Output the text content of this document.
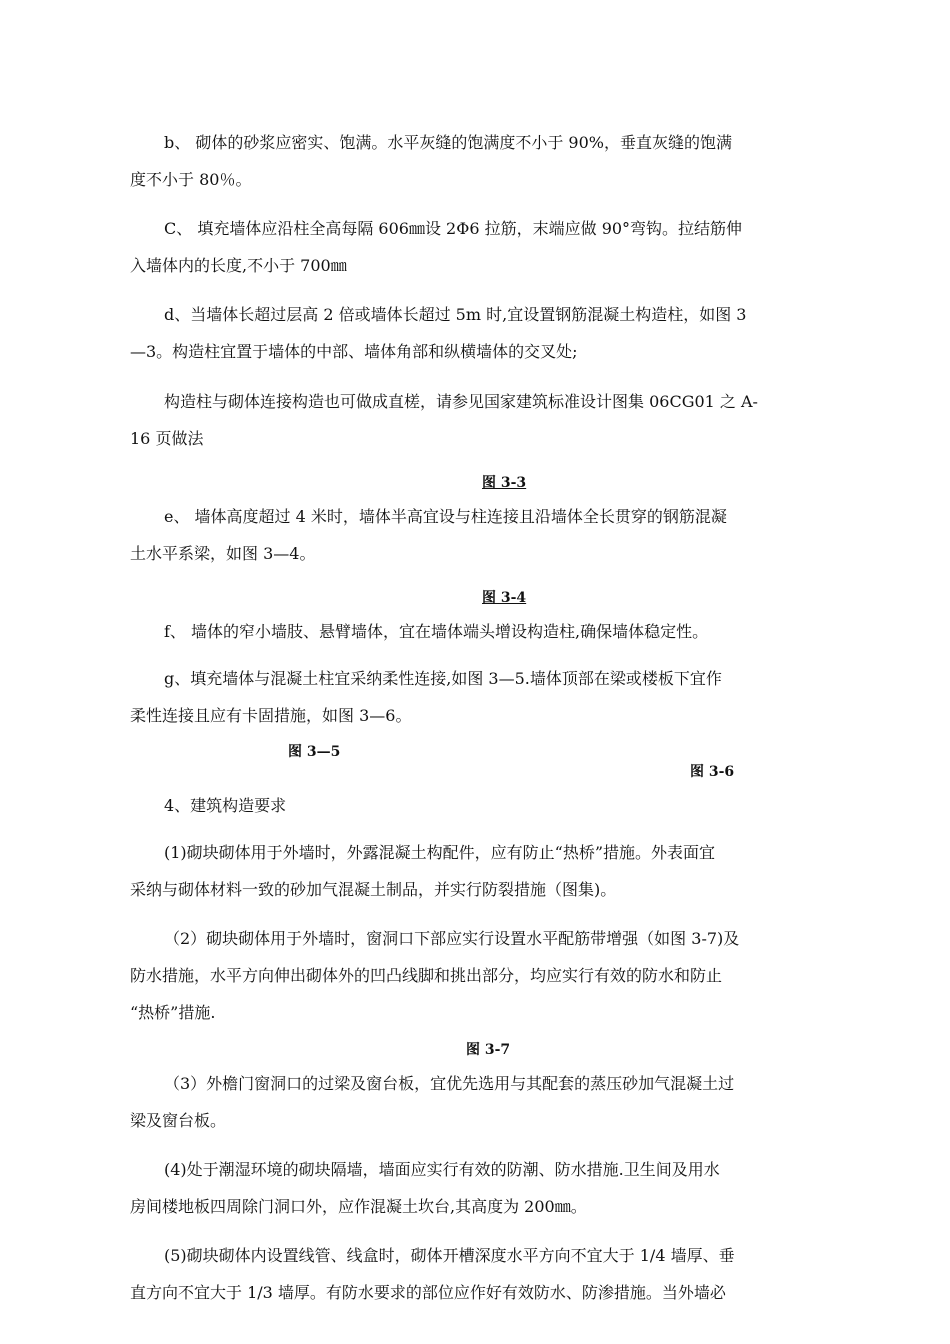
b、 砌体的砂浆应密实、饱满。水平灰缝的饱满度不小于 90%，垂直灰缝的饱满
度不小于 80％。
C、 填充墙体应沿柱全高每隔 606㎜设 2Φ6 拉筋，末端应做 90°弯钩。拉结筋伸
入墙体内的长度,不小于 700㎜
d、当墙体长超过层高 2 倍或墙体长超过 5m 时,宜设置钢筋混凝土构造柱，如图 3
—3。构造柱宜置于墙体的中部、墙体角部和纵横墙体的交叉处;
构造柱与砌体连接构造也可做成直槎，请参见国家建筑标准设计图集 06CG01 之 A-
16 页做法
图 3-3
e、 墙体高度超过 4 米时，墙体半高宜设与柱连接且沿墙体全长贯穿的钢筋混凝
土水平系梁，如图 3—4。
图 3-4
f、 墙体的窄小墙肢、悬臂墙体，宜在墙体端头增设构造柱,确保墙体稳定性。
g、填充墙体与混凝土柱宜采纳柔性连接,如图 3—5.墙体顶部在梁或楼板下宜作
柔性连接且应有卡固措施，如图 3—6。
图 3—5
图 3-6
4、建筑构造要求
(1)砌块砌体用于外墙时，外露混凝土构配件，应有防止“热桥”措施。外表面宜
采纳与砌体材料一致的砂加气混凝土制品，并实行防裂措施（图集)。
（2）砌块砌体用于外墙时，窗洞口下部应实行设置水平配筋带增强（如图 3-7)及
防水措施，水平方向伸出砌体外的凹凸线脚和挑出部分，均应实行有效的防水和防止
“热桥”措施.
图 3-7
（3）外檐门窗洞口的过梁及窗台板，宜优先选用与其配套的蒸压砂加气混凝土过
梁及窗台板。
(4)处于潮湿环境的砌块隔墙，墙面应实行有效的防潮、防水措施.卫生间及用水
房间楼地板四周除门洞口外，应作混凝土坎台,其高度为 200㎜。
(5)砌块砌体内设置线管、线盒时，砌体开槽深度水平方向不宜大于 1/4 墙厚、垂
直方向不宜大于 1/3 墙厚。有防水要求的部位应作好有效防水、防渗措施。当外墙必
